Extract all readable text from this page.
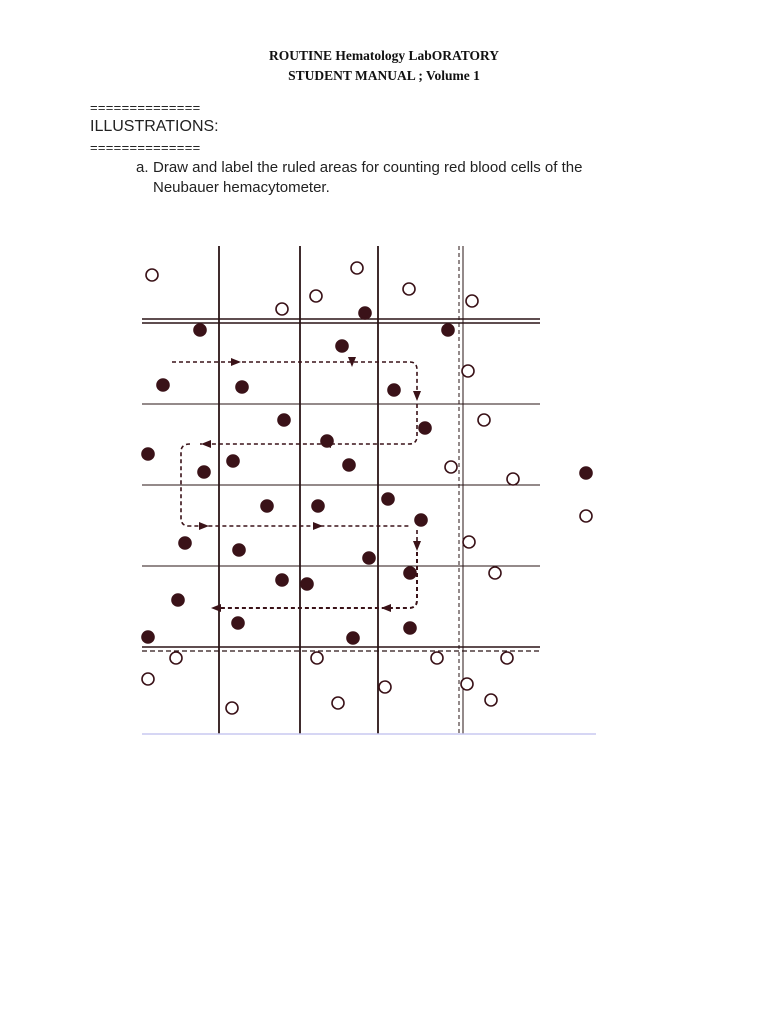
ROUTINE Hematology LabORATORY
STUDENT MANUAL ; Volume 1
==============
ILLUSTRATIONS:
==============
a. Draw and label the ruled areas for counting red blood cells of the
Neubauer hemacytometer.
